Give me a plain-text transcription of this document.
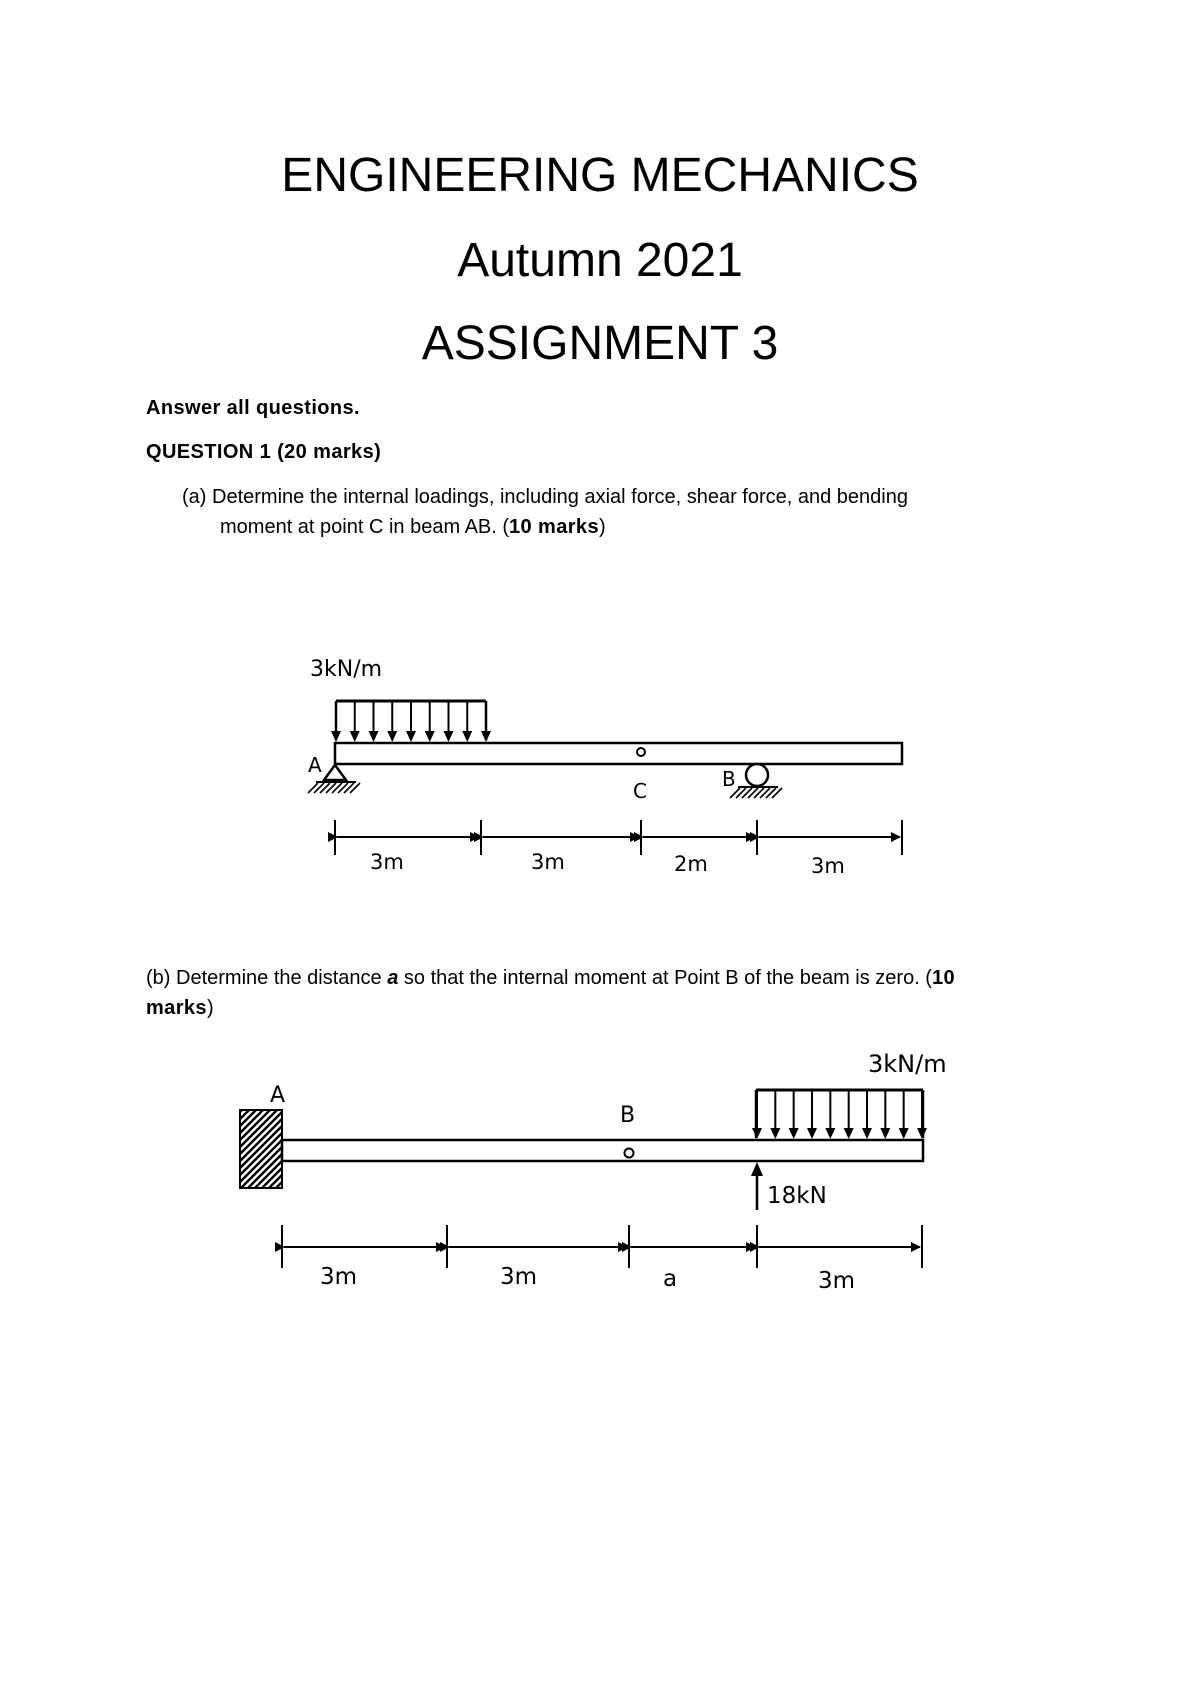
ENGINEERING MECHANICS
Autumn 2021
ASSIGNMENT 3

Answer all questions.

QUESTION 1 (20 marks)

(a) Determine the internal loadings, including axial force, shear force, and bending
moment at point C in beam AB. (10 marks)
3kN/m
C
A
B
3m	3m	2m	3m
(b) Determine the distance a so that the internal moment at Point B of the beam is zero. (10
marks)
A
B
3kN/m
18kN
3m	3m	a	3m
